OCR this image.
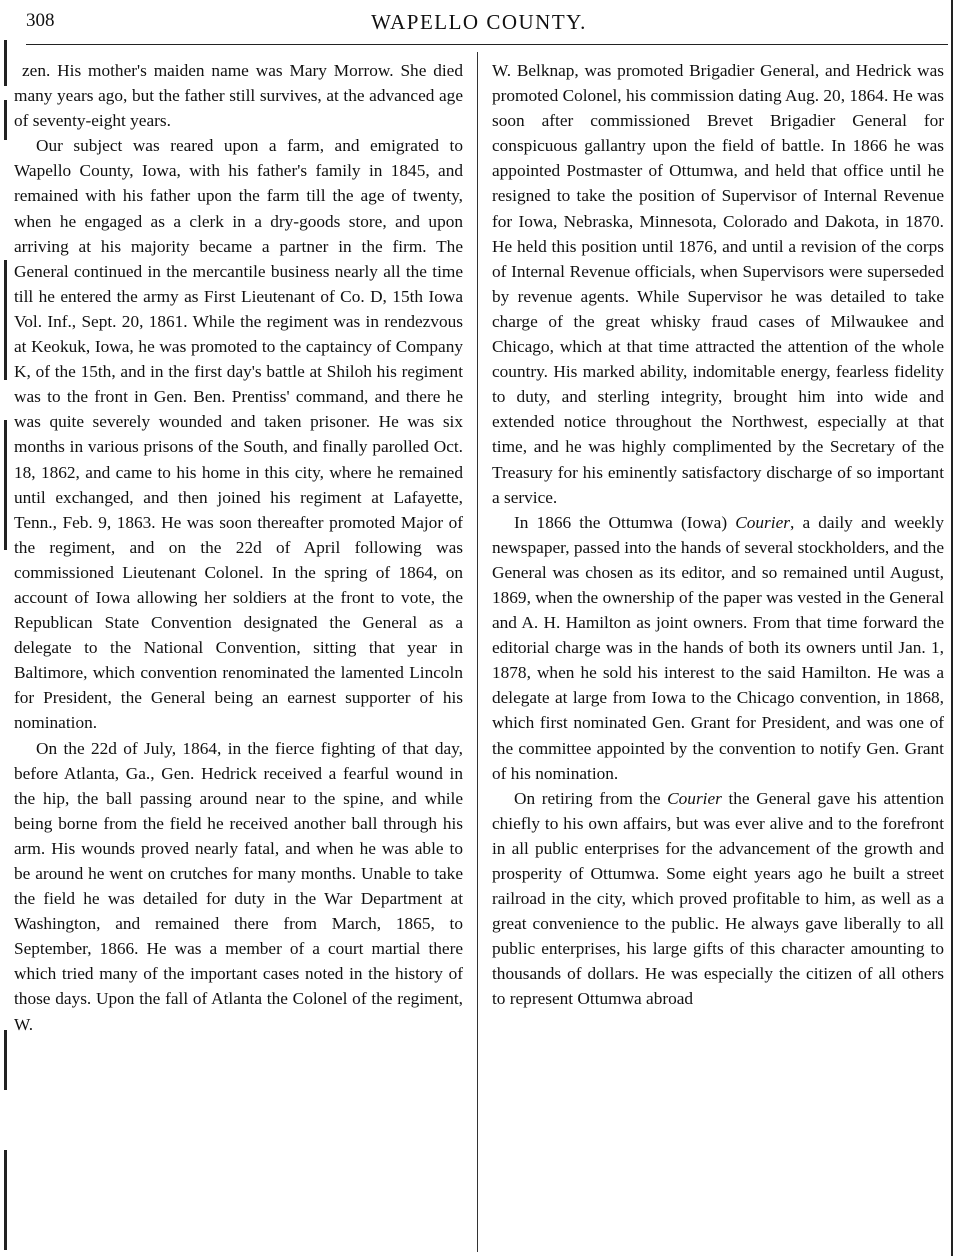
308	WAPELLO COUNTY.

zen. His mother's maiden name was Mary Morrow. She died many years ago, but the father still survives, at the advanced age of seventy-eight years.

Our subject was reared upon a farm, and emigrated to Wapello County, Iowa, with his father's family in 1845, and remained with his father upon the farm till the age of twenty, when he engaged as a clerk in a dry-goods store, and upon arriving at his majority became a partner in the firm. The General continued in the mercantile business nearly all the time till he entered the army as First Lieutenant of Co. D, 15th Iowa Vol. Inf., Sept. 20, 1861. While the regiment was in rendezvous at Keokuk, Iowa, he was promoted to the captaincy of Company K, of the 15th, and in the first day's battle at Shiloh his regiment was to the front in Gen. Ben. Prentiss' command, and there he was quite severely wounded and taken prisoner. He was six months in various prisons of the South, and finally parolled Oct. 18, 1862, and came to his home in this city, where he remained until exchanged, and then joined his regiment at Lafayette, Tenn., Feb. 9, 1863. He was soon thereafter promoted Major of the regiment, and on the 22d of April following was commissioned Lieutenant Colonel. In the spring of 1864, on account of Iowa allowing her soldiers at the front to vote, the Republican State Convention designated the General as a delegate to the National Convention, sitting that year in Baltimore, which convention renominated the lamented Lincoln for President, the General being an earnest supporter of his nomination.

On the 22d of July, 1864, in the fierce fighting of that day, before Atlanta, Ga., Gen. Hedrick received a fearful wound in the hip, the ball passing around near to the spine, and while being borne from the field he received another ball through his arm. His wounds proved nearly fatal, and when he was able to be around he went on crutches for many months. Unable to take the field he was detailed for duty in the War Department at Washington, and remained there from March, 1865, to September, 1866. He was a member of a court martial there which tried many of the important cases noted in the history of those days. Upon the fall of Atlanta the Colonel of the regiment, W.

W. Belknap, was promoted Brigadier General, and Hedrick was promoted Colonel, his commission dating Aug. 20, 1864. He was soon after commissioned Brevet Brigadier General for conspicuous gallantry upon the field of battle. In 1866 he was appointed Postmaster of Ottumwa, and held that office until he resigned to take the position of Supervisor of Internal Revenue for Iowa, Nebraska, Minnesota, Colorado and Dakota, in 1870. He held this position until 1876, and until a revision of the corps of Internal Revenue officials, when Supervisors were superseded by revenue agents. While Supervisor he was detailed to take charge of the great whisky fraud cases of Milwaukee and Chicago, which at that time attracted the attention of the whole country. His marked ability, indomitable energy, fearless fidelity to duty, and sterling integrity, brought him into wide and extended notice throughout the Northwest, especially at that time, and he was highly complimented by the Secretary of the Treasury for his eminently satisfactory discharge of so important a service.

In 1866 the Ottumwa (Iowa) Courier, a daily and weekly newspaper, passed into the hands of several stockholders, and the General was chosen as its editor, and so remained until August, 1869, when the ownership of the paper was vested in the General and A. H. Hamilton as joint owners. From that time forward the editorial charge was in the hands of both its owners until Jan. 1, 1878, when he sold his interest to the said Hamilton. He was a delegate at large from Iowa to the Chicago convention, in 1868, which first nominated Gen. Grant for President, and was one of the committee appointed by the convention to notify Gen. Grant of his nomination.

On retiring from the Courier the General gave his attention chiefly to his own affairs, but was ever alive and to the forefront in all public enterprises for the advancement of the growth and prosperity of Ottumwa. Some eight years ago he built a street railroad in the city, which proved profitable to him, as well as a great convenience to the public. He always gave liberally to all public enterprises, his large gifts of this character amounting to thousands of dollars. He was especially the citizen of all others to represent Ottumwa abroad
